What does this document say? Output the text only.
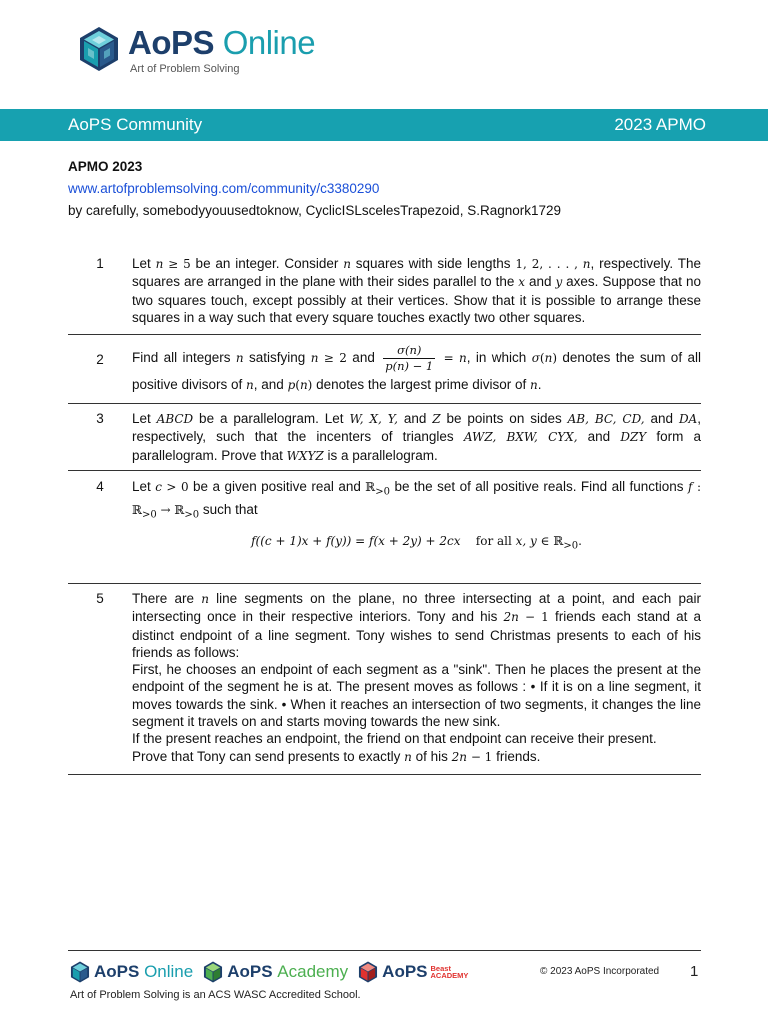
AoPS Online
Art of Problem Solving
AoPS Community	2023 APMO
APMO 2023
www.artofproblemsolving.com/community/c3380290
by carefully, somebodyyouusedtoknow, CyclicISLscelesTrapezoid, S.Ragnork1729
1	Let n ≥ 5 be an integer. Consider n squares with side lengths 1, 2, . . . , n, respectively. The squares are arranged in the plane with their sides parallel to the x and y axes. Suppose that no two squares touch, except possibly at their vertices. Show that it is possible to arrange these squares in a way such that every square touches exactly two other squares.
2	Find all integers n satisfying n ≥ 2 and $\frac{\sigma(n)}{p(n) - 1} = n$, in which σ(n) denotes the sum of all positive divisors of n, and p(n) denotes the largest prime divisor of n.
3	Let ABCD be a parallelogram. Let W, X, Y, and Z be points on sides AB, BC, CD, and DA, respectively, such that the incenters of triangles AWZ, BXW, CYX, and DZY form a parallelogram. Prove that WXYZ is a parallelogram.
4	Let c > 0 be a given positive real and ℝ$_{>0}$ be the set of all positive reals. Find all functions f : ℝ$_{>0}$ → ℝ$_{>0}$ such that
f((c + 1)x + f(y)) = f(x + 2y) + 2cx    for all x, y ∈ ℝ$_{>0}$.
5	There are n line segments on the plane, no three intersecting at a point, and each pair intersecting once in their respective interiors. Tony and his 2n − 1 friends each stand at a distinct endpoint of a line segment. Tony wishes to send Christmas presents to each of his friends as follows:
First, he chooses an endpoint of each segment as a "sink". Then he places the present at the endpoint of the segment he is at. The present moves as follows : • If it is on a line segment, it moves towards the sink. • When it reaches an intersection of two segments, it changes the line segment it travels on and starts moving towards the new sink.
If the present reaches an endpoint, the friend on that endpoint can receive their present.
Prove that Tony can send presents to exactly n of his 2n − 1 friends.
AoPS Online AoPS Academy AoPS Beast
ACADEMY	© 2023 AoPS Incorporated 1
Art of Problem Solving is an ACS WASC Accredited School.
